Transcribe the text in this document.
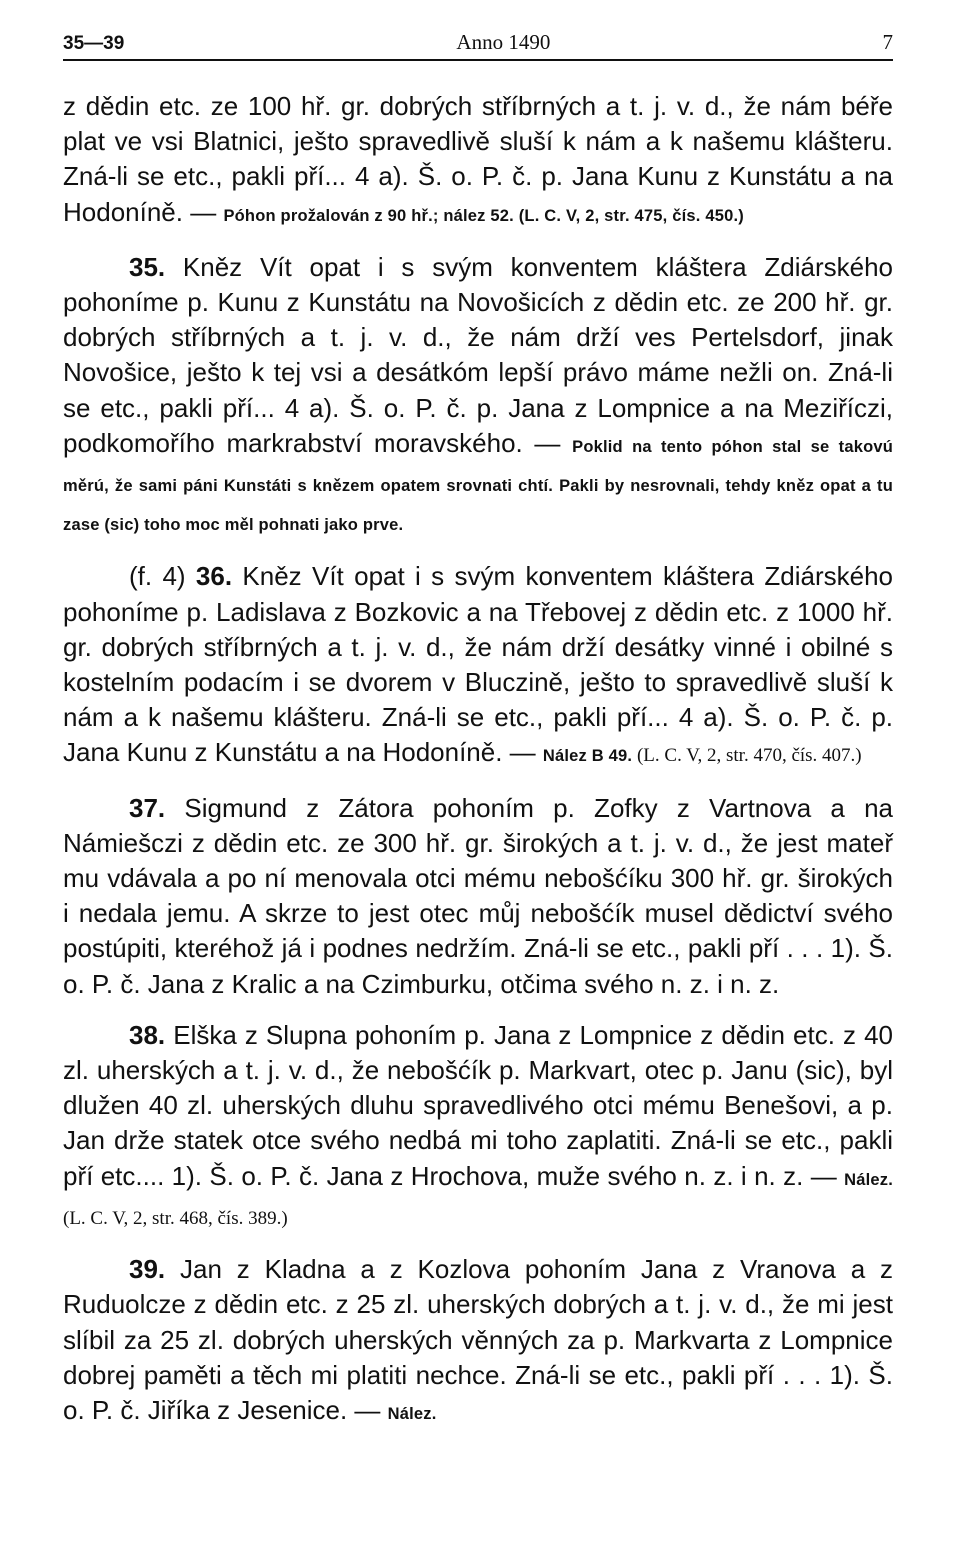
35—39	Anno 1490	7

z dědin etc. ze 100 hř. gr. dobrých stříbrných a t. j. v. d., že nám béře plat ve vsi Blatnici, ješto spravedlivě sluší k nám a k našemu klášteru. Zná-li se etc., pakli pří... 4 a). Š. o. P. č. p. Jana Kunu z Kunstátu a na Hodoníně. — Póhon prožalován z 90 hř.; nález 52. (L. C. V, 2, str. 475, čís. 450.)

35. Kněz Vít opat i s svým konventem kláštera Zdiárského pohoníme p. Kunu z Kunstátu na Novošicích z dědin etc. ze 200 hř. gr. dobrých stříbrných a t. j. v. d., že nám drží ves Pertelsdorf, jinak Novošice, ješto k tej vsi a desátkóm lepší právo máme nežli on. Zná-li se etc., pakli pří... 4 a). Š. o. P. č. p. Jana z Lompnice a na Meziříczi, podkomořího markrabství moravského. — Poklid na tento póhon stal se takovú měrú, že sami páni Kunstáti s knězem opatem srovnati chtí. Pakli by nesrovnali, tehdy kněz opat a tu zase (sic) toho moc měl pohnati jako prve.

(f. 4) 36. Kněz Vít opat i s svým konventem kláštera Zdiárského pohoníme p. Ladislava z Bozkovic a na Třebovej z dědin etc. z 1000 hř. gr. dobrých stříbrných a t. j. v. d., že nám drží desátky vinné i obilné s kostelním podacím i se dvorem v Bluczině, ješto to spravedlivě sluší k nám a k našemu klášteru. Zná-li se etc., pakli pří... 4 a). Š. o. P. č. p. Jana Kunu z Kunstátu a na Hodoníně. — Nález B 49. (L. C. V, 2, str. 470, čís. 407.)

37. Sigmund z Zátora pohoním p. Zofky z Vartnova a na Námiešczi z dědin etc. ze 300 hř. gr. širokých a t. j. v. d., že jest mateř mu vdávala a po ní menovala otci mému nebošćíku 300 hř. gr. širokých i nedala jemu. A skrze to jest otec můj nebošćík musel dědictví svého postúpiti, kteréhož já i podnes nedržím. Zná-li se etc., pakli pří . . . 1). Š. o. P. č. Jana z Kralic a na Czimburku, otčima svého n. z. i n. z.

38. Elška z Slupna pohoním p. Jana z Lompnice z dědin etc. z 40 zl. uherských a t. j. v. d., že nebošćík p. Markvart, otec p. Janu (sic), byl dlužen 40 zl. uherských dluhu spravedlivého otci mému Benešovi, a p. Jan drže statek otce svého nedbá mi toho zaplatiti. Zná-li se etc., pakli pří etc.... 1). Š. o. P. č. Jana z Hrochova, muže svého n. z. i n. z. — Nález. (L. C. V, 2, str. 468, čís. 389.)

39. Jan z Kladna a z Kozlova pohoním Jana z Vranova a z Ruduolcze z dědin etc. z 25 zl. uherských dobrých a t. j. v. d., že mi jest slíbil za 25 zl. dobrých uherských věnných za p. Markvarta z Lompnice dobrej paměti a těch mi platiti nechce. Zná-li se etc., pakli pří . . . 1). Š. o. P. č. Jiříka z Jesenice. — Nález.
